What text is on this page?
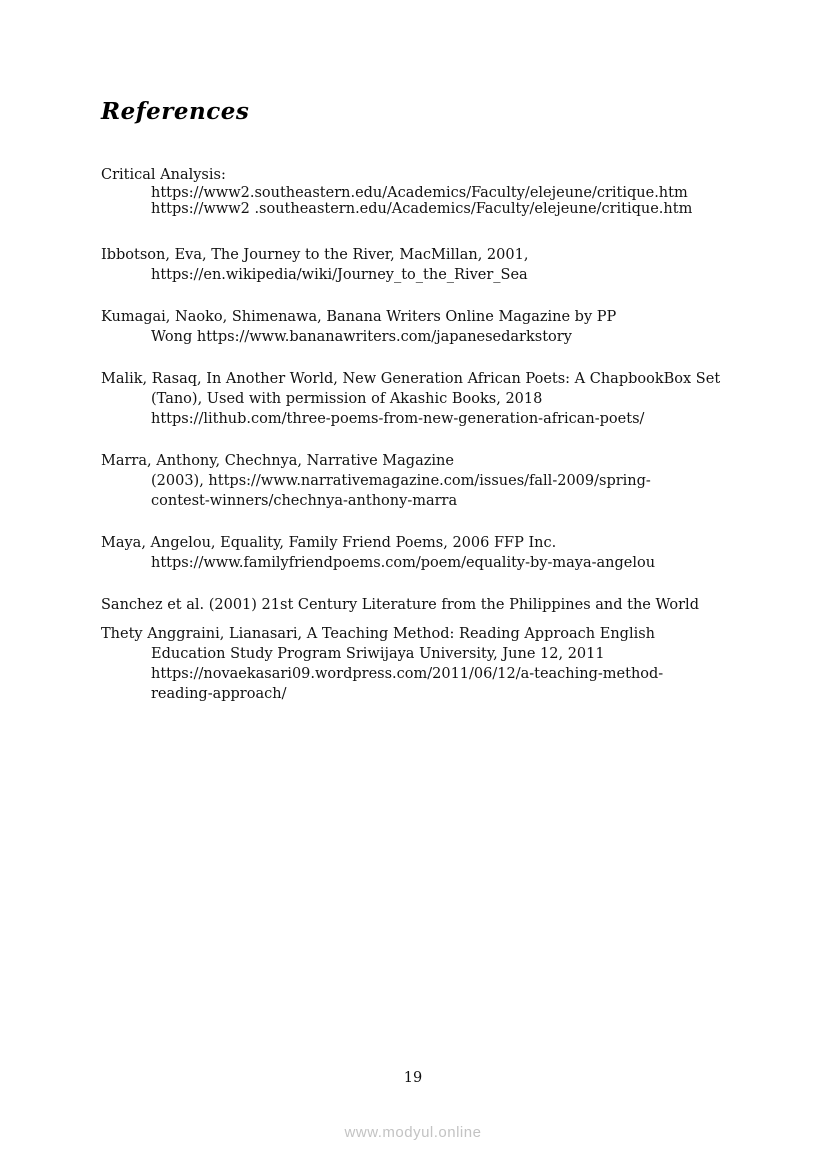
References
Critical Analysis:
https://www2.southeastern.edu/Academics/Faculty/elejeune/critique.htm
https://www2 .southeastern.edu/Academics/Faculty/elejeune/critique.htm
Ibbotson, Eva, The Journey to the River, MacMillan, 2001,
https://en.wikipedia/wiki/Journey_to_the_River_Sea
Kumagai, Naoko, Shimenawa, Banana Writers Online Magazine by PP
Wong https://www.bananawriters.com/japanesedarkstory
Malik, Rasaq, In Another World, New Generation African Poets: A ChapbookBox Set
(Tano), Used with permission of Akashic Books, 2018
https://lithub.com/three-poems-from-new-generation-african-poets/
Marra, Anthony, Chechnya, Narrative Magazine
(2003), https://www.narrativemagazine.com/issues/fall-2009/spring-
contest-winners/chechnya-anthony-marra
Maya, Angelou, Equality, Family Friend Poems, 2006 FFP Inc.
https://www.familyfriendpoems.com/poem/equality-by-maya-angelou
Sanchez et al. (2001) 21st Century Literature from the Philippines and the World
Thety Anggraini, Lianasari, A Teaching Method: Reading Approach English
Education Study Program Sriwijaya University, June 12, 2011
https://novaekasari09.wordpress.com/2011/06/12/a-teaching-method-
reading-approach/
19
www.modyul.online
